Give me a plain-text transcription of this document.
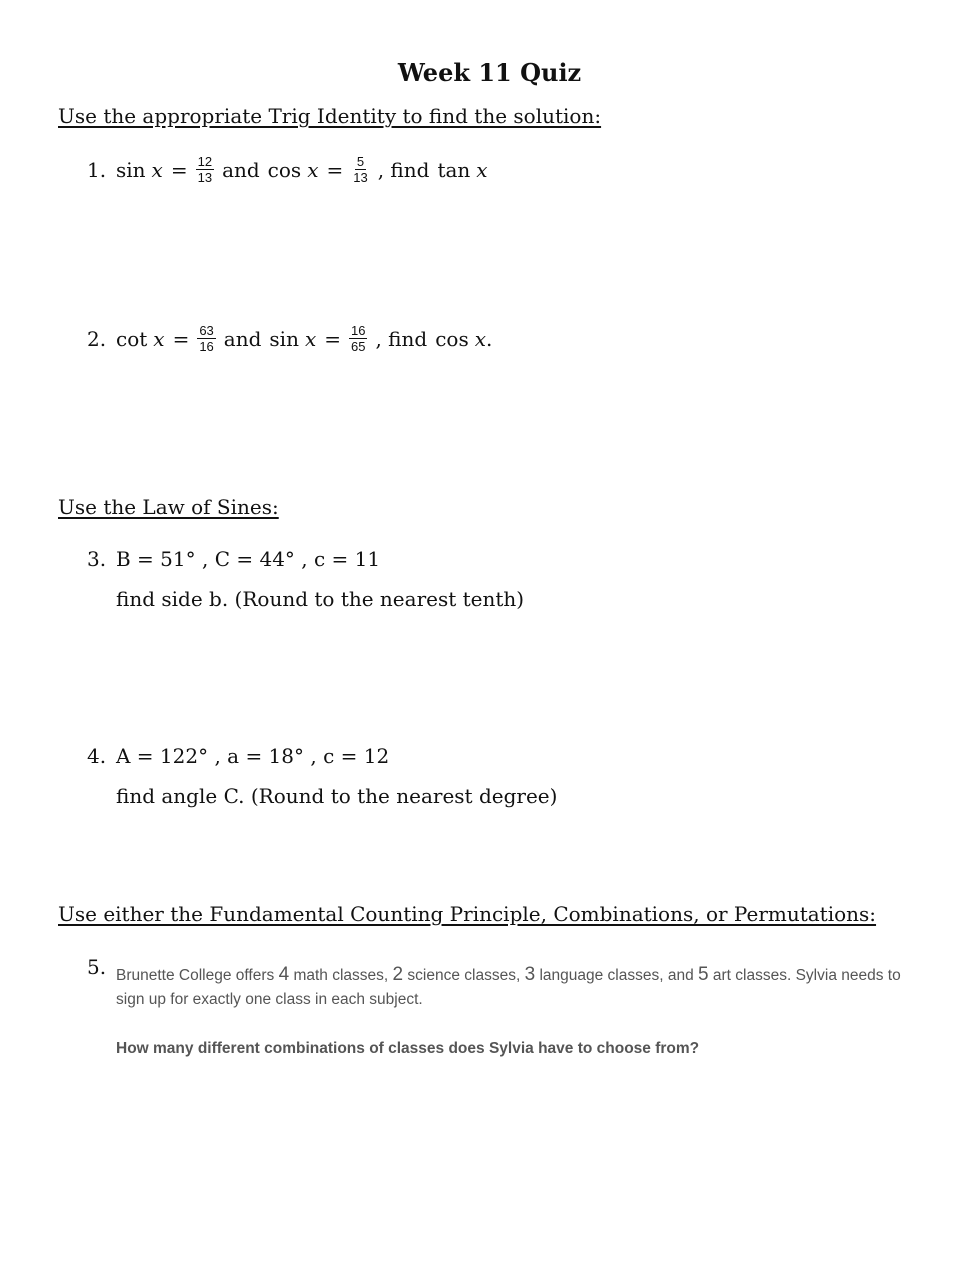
Week 11 Quiz
Use the appropriate Trig Identity to find the solution:
1. $\sin x = \frac{12}{13}$ and $\cos x = \frac{5}{13}$ , find tan x
2. $\cot x = \frac{63}{16}$ and $\sin x = \frac{16}{65}$ , find cos x .
Use the Law of Sines:
3. B = 51° , C = 44° , c = 11
find side b. (Round to the nearest tenth)
4. A = 122° , a = 18° , c = 12
find angle C. (Round to the nearest degree)
Use either the Fundamental Counting Principle, Combinations, or Permutations:
5. Brunette College offers 4 math classes, 2 science classes, 3 language classes, and 5 art classes. Sylvia needs to sign up for exactly one class in each subject.
How many different combinations of classes does Sylvia have to choose from?
